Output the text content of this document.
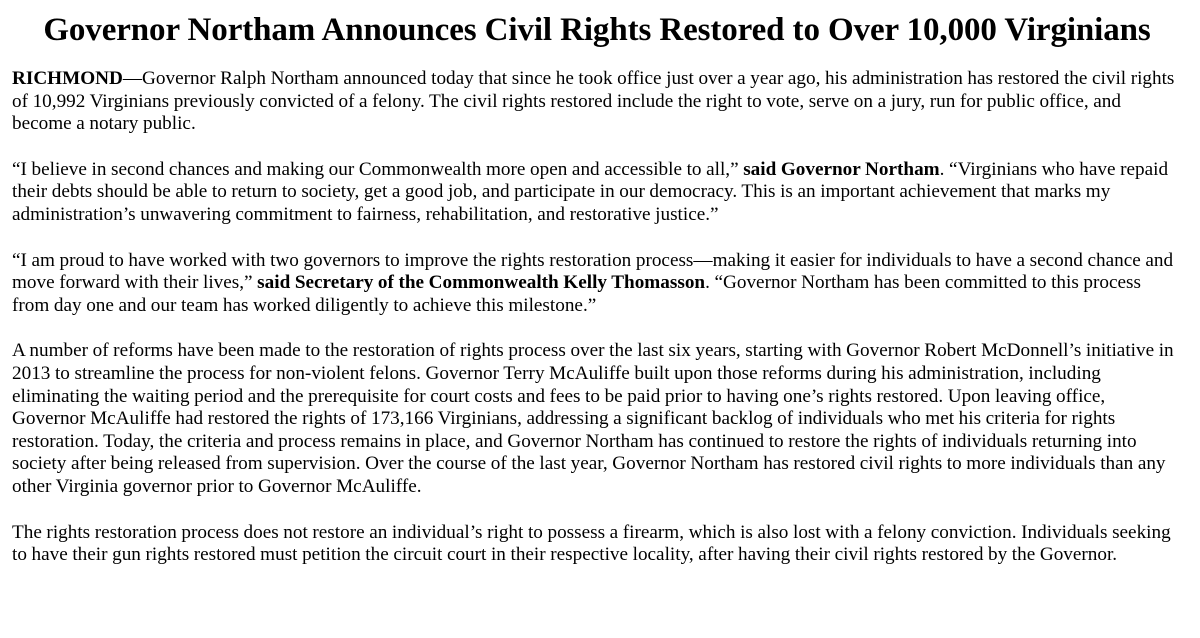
Governor Northam Announces Civil Rights Restored to Over 10,000 Virginians

RICHMOND—Governor Ralph Northam announced today that since he took office just over a year ago, his administration has restored the civil rights of 10,992 Virginians previously convicted of a felony. The civil rights restored include the right to vote, serve on a jury, run for public office, and become a notary public.

“I believe in second chances and making our Commonwealth more open and accessible to all,” said Governor Northam. “Virginians who have repaid their debts should be able to return to society, get a good job, and participate in our democracy. This is an important achievement that marks my administration’s unwavering commitment to fairness, rehabilitation, and restorative justice.”

“I am proud to have worked with two governors to improve the rights restoration process—making it easier for individuals to have a second chance and move forward with their lives,” said Secretary of the Commonwealth Kelly Thomasson. “Governor Northam has been committed to this process from day one and our team has worked diligently to achieve this milestone.”

A number of reforms have been made to the restoration of rights process over the last six years, starting with Governor Robert McDonnell’s initiative in 2013 to streamline the process for non-violent felons. Governor Terry McAuliffe built upon those reforms during his administration, including eliminating the waiting period and the prerequisite for court costs and fees to be paid prior to having one’s rights restored. Upon leaving office, Governor McAuliffe had restored the rights of 173,166 Virginians, addressing a significant backlog of individuals who met his criteria for rights restoration. Today, the criteria and process remains in place, and Governor Northam has continued to restore the rights of individuals returning into society after being released from supervision. Over the course of the last year, Governor Northam has restored civil rights to more individuals than any other Virginia governor prior to Governor McAuliffe.

The rights restoration process does not restore an individual’s right to possess a firearm, which is also lost with a felony conviction. Individuals seeking to have their gun rights restored must petition the circuit court in their respective locality, after having their civil rights restored by the Governor.
